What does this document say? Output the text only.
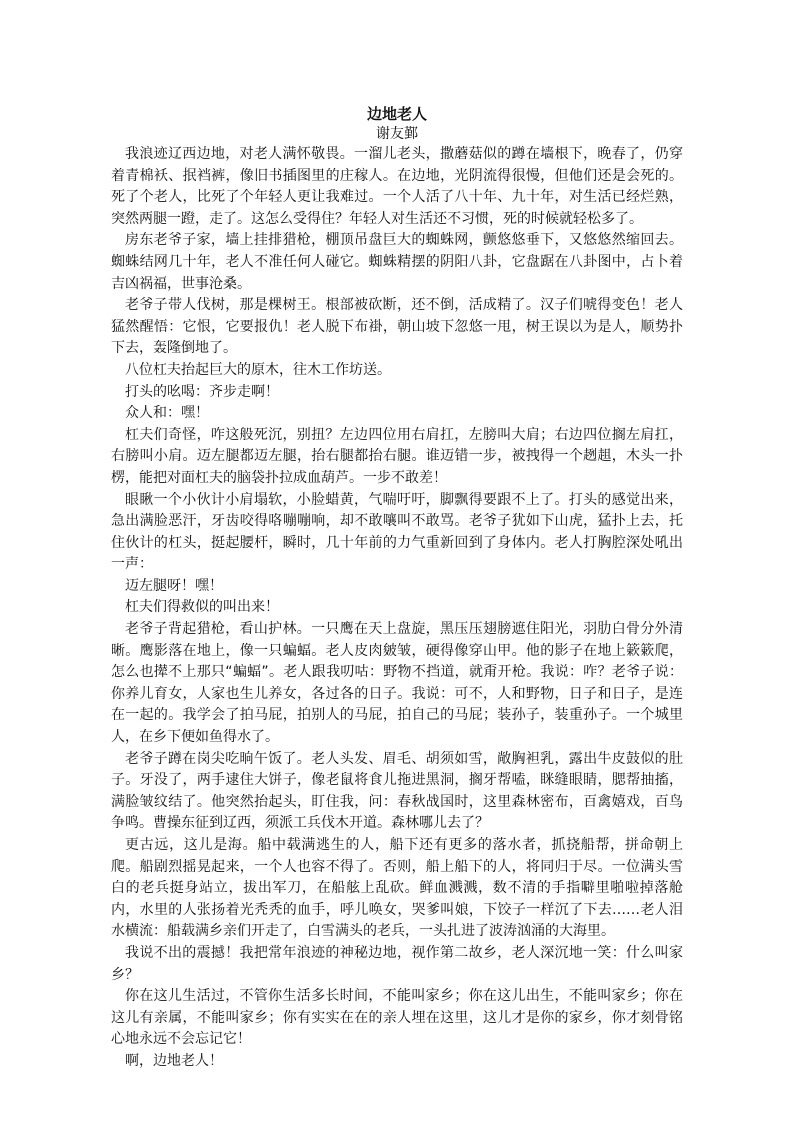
边地老人
谢友鄞

我浪迹辽西边地，对老人满怀敬畏。一溜儿老头，撒蘑菇似的蹲在墙根下，晚春了，仍穿着青棉袄、抿裆裤，像旧书插图里的庄稼人。在边地，光阴流得很慢，但他们还是会死的。死了个老人，比死了个年轻人更让我难过。一个人活了八十年、九十年，对生活已经烂熟，突然两腿一蹬，走了。这怎么受得住？年轻人对生活还不习惯，死的时候就轻松多了。

房东老爷子家，墙上挂排猎枪，棚顶吊盘巨大的蜘蛛网，颤悠悠垂下，又悠悠然缩回去。蜘蛛结网几十年，老人不准任何人碰它。蜘蛛精摆的阴阳八卦，它盘踞在八卦图中，占卜着吉凶祸福，世事沧桑。

老爷子带人伐树，那是棵树王。根部被砍断，还不倒，活成精了。汉子们唬得变色！老人猛然醒悟：它恨，它要报仇！老人脱下布褂，朝山坡下忽悠一甩，树王误以为是人，顺势扑下去，轰隆倒地了。

八位杠夫抬起巨大的原木，往木工作坊送。

打头的吆喝：齐步走啊！

众人和：嘿！

杠夫们奇怪，咋这般死沉，别扭？左边四位用右肩扛，左膀叫大肩；右边四位搁左肩扛，右膀叫小肩。迈左腿都迈左腿，抬右腿都抬右腿。谁迈错一步，被拽得一个趔趄，木头一扑楞，能把对面杠夫的脑袋扑拉成血葫芦。一步不敢差！

眼瞅一个小伙计小肩塌软，小脸蜡黄，气喘吁吁，脚飘得要跟不上了。打头的感觉出来，急出满脸恶汗，牙齿咬得咯嘣嘣响，却不敢嚷叫不敢骂。老爷子犹如下山虎，猛扑上去，托住伙计的杠头，挺起腰杆，瞬时，几十年前的力气重新回到了身体内。老人打胸腔深处吼出一声：

迈左腿呀！嘿！

杠夫们得救似的叫出来！

老爷子背起猎枪，看山护林。一只鹰在天上盘旋，黑压压翅膀遮住阳光，羽肋白骨分外清晰。鹰影落在地上，像一只蝙蝠。老人皮肉皴皱，硬得像穿山甲。他的影子在地上簌簌爬，怎么也撵不上那只“蝙蝠”。老人跟我叨咕：野物不挡道，就甭开枪。我说：咋？老爷子说：你养儿育女，人家也生儿养女，各过各的日子。我说：可不，人和野物，日子和日子，是连在一起的。我学会了拍马屁，拍别人的马屁，拍自己的马屁；装孙子，装重孙子。一个城里人，在乡下便如鱼得水了。

老爷子蹲在岗尖吃晌午饭了。老人头发、眉毛、胡须如雪，敞胸袒乳，露出牛皮鼓似的肚子。牙没了，两手逮住大饼子，像老鼠将食儿拖进黑洞，搁牙帮嗑，眯缝眼睛，腮帮抽搐，满脸皱纹结了。他突然抬起头，盯住我，问：春秋战国时，这里森林密布，百禽嬉戏，百鸟争鸣。曹操东征到辽西，须派工兵伐木开道。森林哪儿去了？

更古远，这儿是海。船中载满逃生的人，船下还有更多的落水者，抓挠船帮，拼命朝上爬。船剧烈摇晃起来，一个人也容不得了。否则，船上船下的人，将同归于尽。一位满头雪白的老兵挺身站立，拔出军刀，在船舷上乱砍。鲜血溅溅，数不清的手指噼里啪啦掉落舱内，水里的人张扬着光秃秃的血手，呼儿唤女，哭爹叫娘，下饺子一样沉了下去……老人泪水横流：船载满乡亲们开走了，白雪满头的老兵，一头扎进了波涛汹涌的大海里。

我说不出的震撼！我把常年浪迹的神秘边地，视作第二故乡，老人深沉地一笑：什么叫家乡？

你在这儿生活过，不管你生活多长时间，不能叫家乡；你在这儿出生，不能叫家乡；你在这儿有亲属，不能叫家乡；你有实实在在的亲人埋在这里，这儿才是你的家乡，你才刻骨铭心地永远不会忘记它！

啊，边地老人！
